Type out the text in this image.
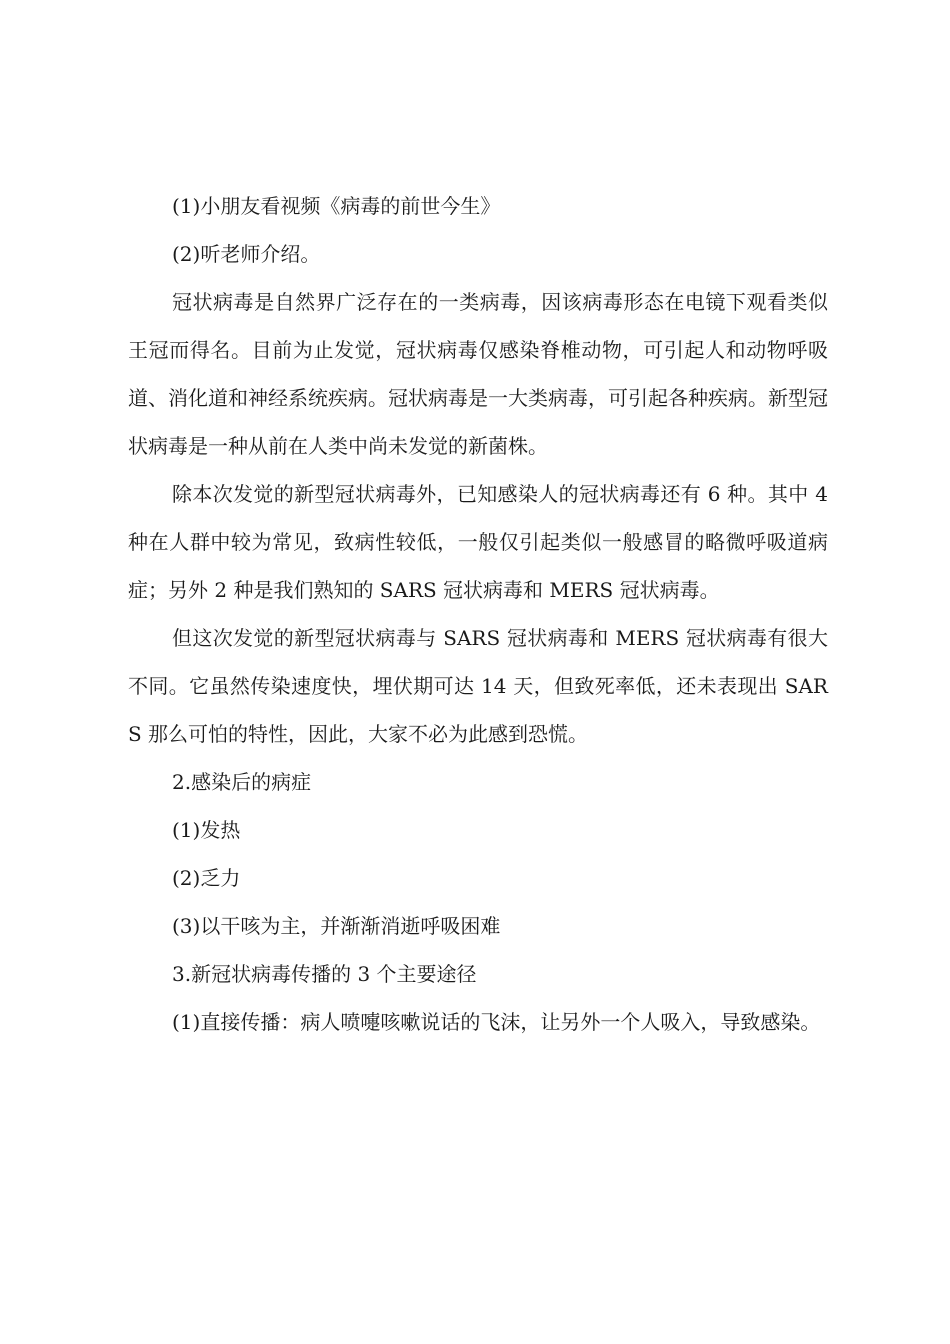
(1)小朋友看视频《病毒的前世今生》

(2)听老师介绍。

冠状病毒是自然界广泛存在的一类病毒，因该病毒形态在电镜下观看类似王冠而得名。目前为止发觉，冠状病毒仅感染脊椎动物，可引起人和动物呼吸道、消化道和神经系统疾病。冠状病毒是一大类病毒，可引起各种疾病。新型冠状病毒是一种从前在人类中尚未发觉的新菌株。

除本次发觉的新型冠状病毒外，已知感染人的冠状病毒还有 6 种。其中 4 种在人群中较为常见，致病性较低，一般仅引起类似一般感冒的略微呼吸道病症；另外 2 种是我们熟知的 SARS 冠状病毒和 MERS 冠状病毒。

但这次发觉的新型冠状病毒与 SARS 冠状病毒和 MERS 冠状病毒有很大不同。它虽然传染速度快，埋伏期可达 14 天，但致死率低，还未表现出 SARS 那么可怕的特性，因此，大家不必为此感到恐慌。

2.感染后的病症

(1)发热

(2)乏力

(3)以干咳为主，并渐渐消逝呼吸困难

3.新冠状病毒传播的 3 个主要途径

(1)直接传播：病人喷嚏咳嗽说话的飞沫，让另外一个人吸入，导致感染。
